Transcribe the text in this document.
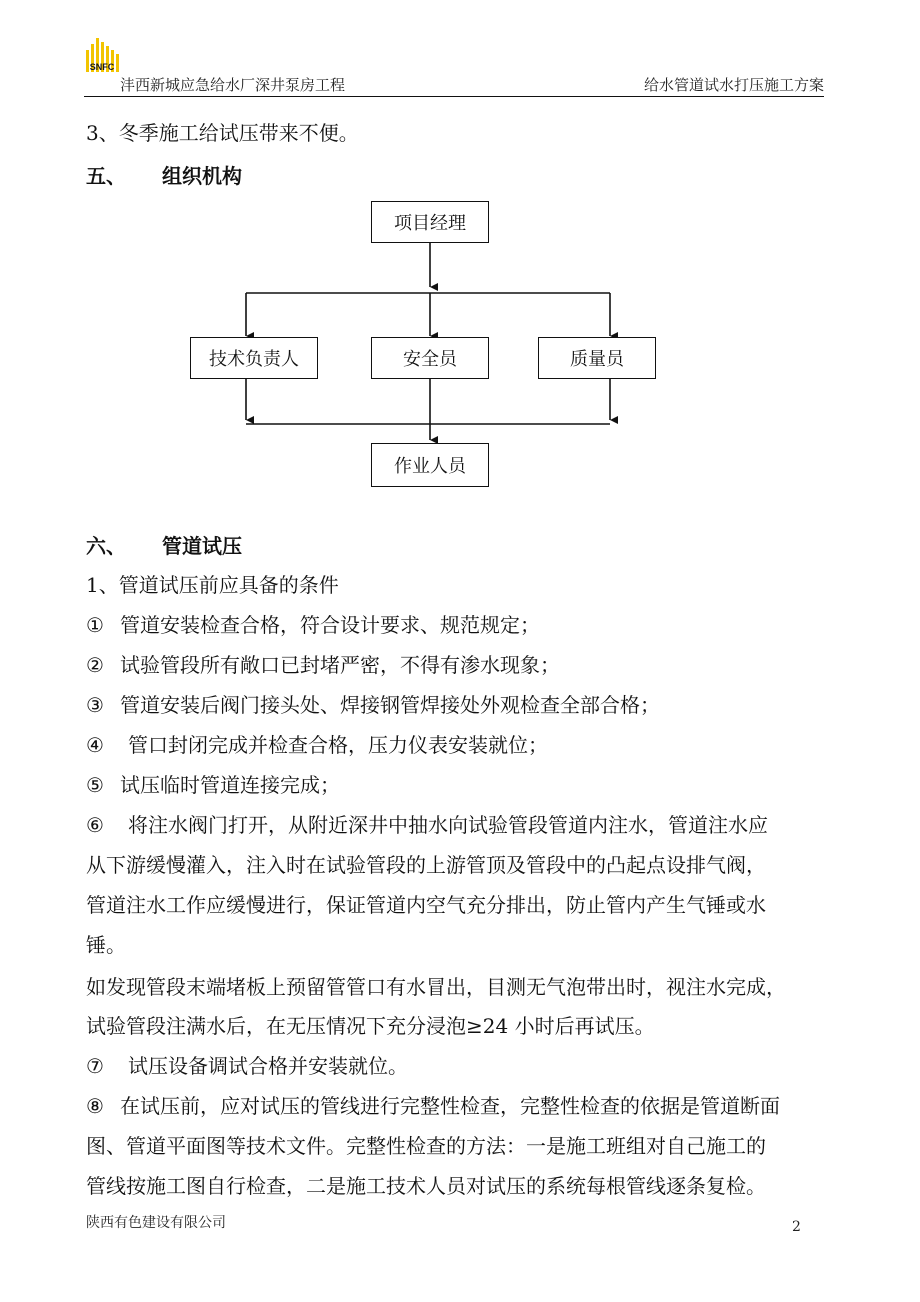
SNFC
沣西新城应急给水厂深井泵房工程	给水管道试水打压施工方案
3、冬季施工给试压带来不便。
五、 组织机构
项目经理
技术负责人	安全员	质量员
作业人员
六、 管道试压
1、管道试压前应具备的条件
① 管道安装检查合格，符合设计要求、规范规定；
② 试验管段所有敞口已封堵严密，不得有渗水现象；
③ 管道安装后阀门接头处、焊接钢管焊接处外观检查全部合格；
④ 管口封闭完成并检查合格，压力仪表安装就位；
⑤ 试压临时管道连接完成；
⑥ 将注水阀门打开，从附近深井中抽水向试验管段管道内注水，管道注水应
从下游缓慢灌入，注入时在试验管段的上游管顶及管段中的凸起点设排气阀，
管道注水工作应缓慢进行，保证管道内空气充分排出，防止管内产生气锤或水
锤。
如发现管段末端堵板上预留管管口有水冒出，目测无气泡带出时，视注水完成，
试验管段注满水后，在无压情况下充分浸泡≥24 小时后再试压。
⑦ 试压设备调试合格并安装就位。
⑧ 在试压前，应对试压的管线进行完整性检查，完整性检查的依据是管道断面
图、管道平面图等技术文件。完整性检查的方法：一是施工班组对自己施工的
管线按施工图自行检查，二是施工技术人员对试压的系统每根管线逐条复检。
陕西有色建设有限公司	2
